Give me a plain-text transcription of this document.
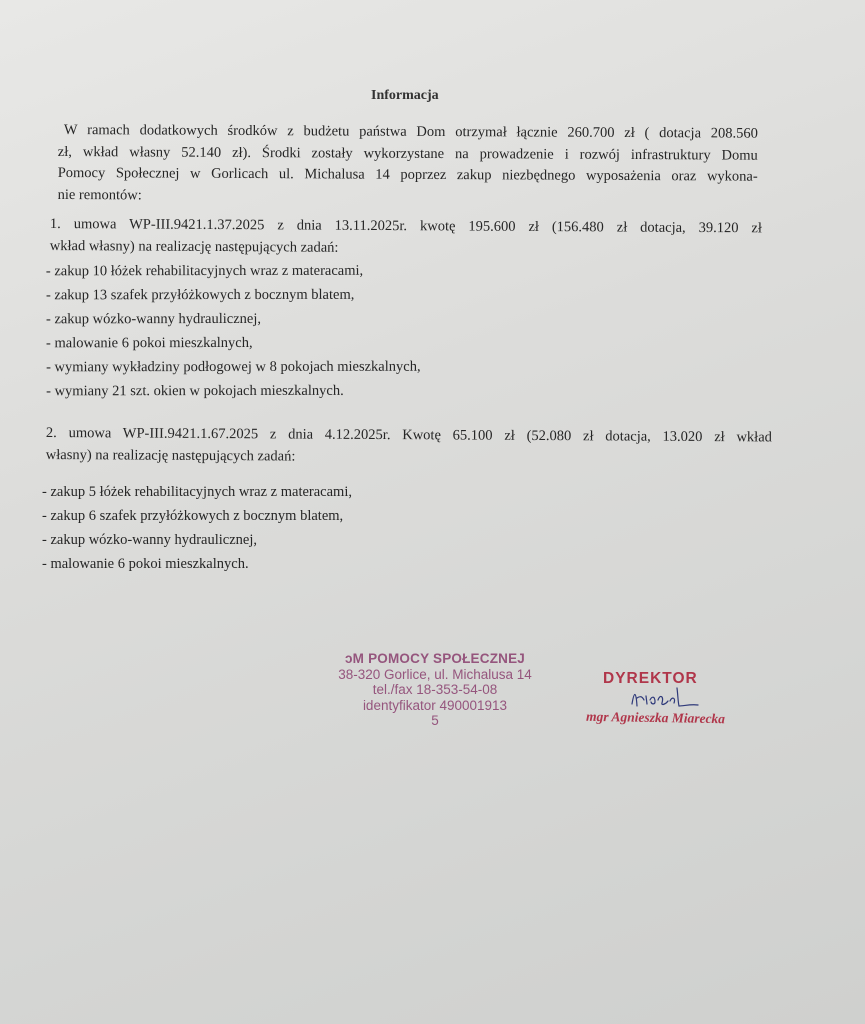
Informacja
W ramach dodatkowych środków z budżetu państwa Dom otrzymał łącznie 260.700 zł ( dotacja 208.560
zł, wkład własny 52.140 zł). Środki zostały wykorzystane na prowadzenie i rozwój infrastruktury Domu
Pomocy Społecznej w Gorlicach ul. Michalusa 14 poprzez zakup niezbędnego wyposażenia oraz wykona-
nie remontów:
1. umowa WP-III.9421.1.37.2025 z dnia 13.11.2025r. kwotę 195.600 zł (156.480 zł dotacja, 39.120 zł
wkład własny) na realizację następujących zadań:
- zakup 10 łóżek rehabilitacyjnych wraz z materacami,
- zakup 13 szafek przyłóżkowych z bocznym blatem,
- zakup wózko-wanny hydraulicznej,
- malowanie 6 pokoi mieszkalnych,
- wymiany wykładziny podłogowej w 8 pokojach mieszkalnych,
- wymiany 21 szt. okien w pokojach mieszkalnych.
2. umowa WP-III.9421.1.67.2025 z dnia 4.12.2025r. Kwotę 65.100 zł (52.080 zł dotacja, 13.020 zł wkład
własny) na realizację następujących zadań:
- zakup 5 łóżek rehabilitacyjnych wraz z materacami,
- zakup 6 szafek przyłóżkowych z bocznym blatem,
- zakup wózko-wanny hydraulicznej,
- malowanie 6 pokoi mieszkalnych.
ɔM POMOCY SPOŁECZNEJ
38-320 Gorlice, ul. Michalusa 14
tel./fax 18-353-54-08
identyfikator 490001913
5
DYREKTOR
mgr Agnieszka Miarecka
